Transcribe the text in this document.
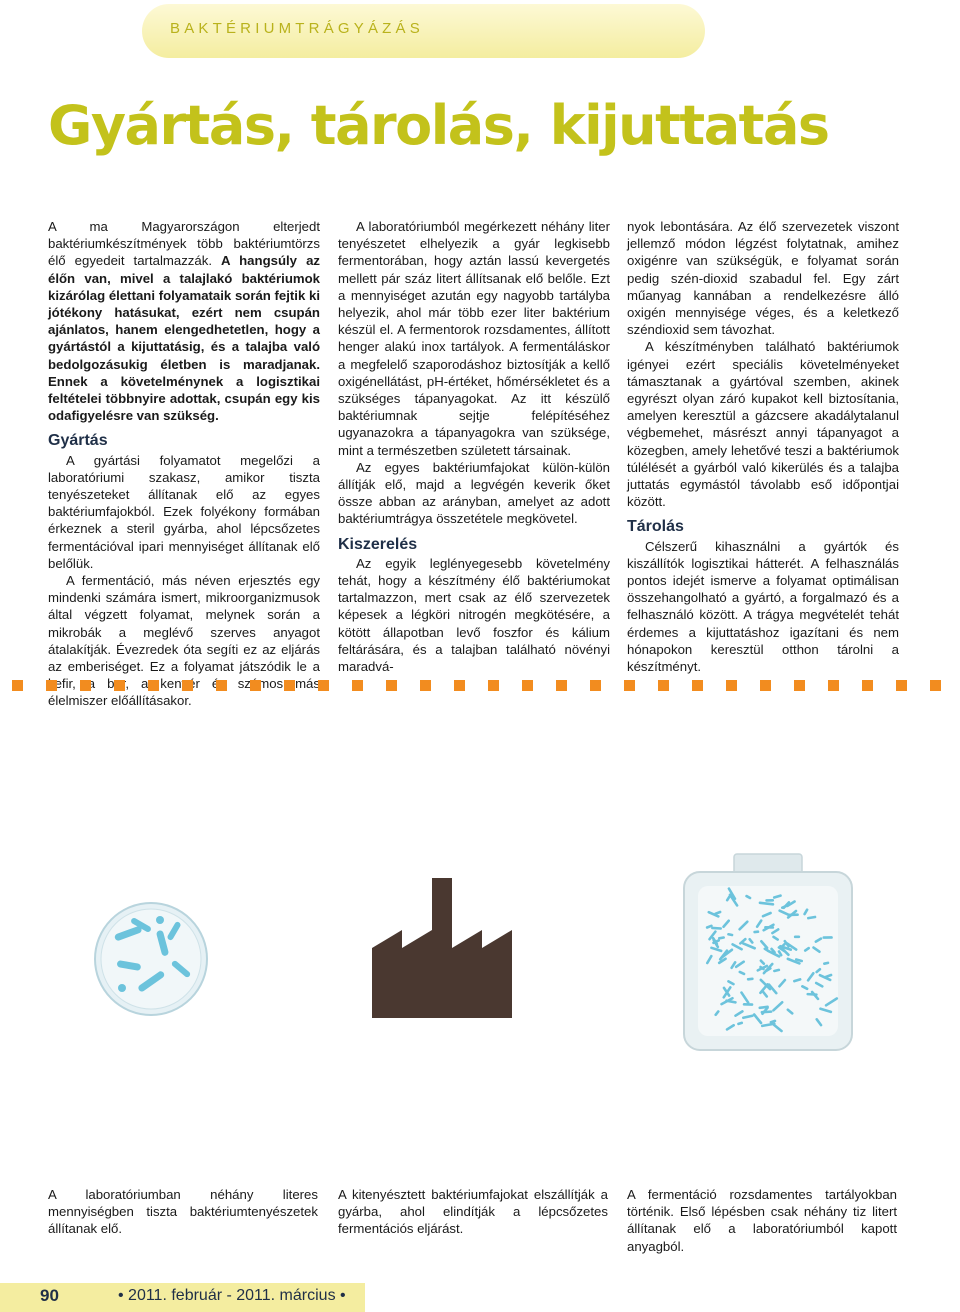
BAKTÉRIUMTRÁGYÁZÁS
Gyártás, tárolás, kijuttatás

A ma Magyarországon elterjedt baktériumkészítmények több baktériumtörzs élő egyedeit tartalmazzák. A hangsúly az élőn van, mivel a talajlakó baktériumok kizárólag élettani folyamataik során fejtik ki jótékony hatásukat, ezért nem csupán ajánlatos, hanem elengedhetetlen, hogy a gyártástól a kijuttatásig, és a talajba való bedolgozásukig életben is maradjanak. Ennek a követelménynek a logisztikai feltételei többnyire adottak, csupán egy kis odafigyelésre van szükség.

Gyártás

A gyártási folyamatot megelőzi a laboratóriumi szakasz, amikor tiszta tenyészeteket állítanak elő az egyes baktériumfajokból. Ezek folyékony formában érkeznek a steril gyárba, ahol lépcsőzetes fermentációval ipari mennyiséget állítanak elő belőlük.

A fermentáció, más néven erjesztés egy mindenki számára ismert, mikroorganizmusok által végzett folyamat, melynek során a mikrobák a meglévő szerves anyagot átalakítják. Évezredek óta segíti ez az eljárás az emberiséget. Ez a folyamat játszódik le a kefir, a a kenyér más élelmiszer előállításakor.

A laboratóriumból megérkezett néhány liter tenyészetet elhelyezik a gyár legkisebb fermentorában, hogy aztán lassú kevergetés mellett pár száz litert állítsanak elő belőle. Ezt a mennyiséget azután egy nagyobb tartályba helyezik, ahol már több ezer liter baktérium készül el. A fermentorok rozsdamentes, állított henger alakú inox tartályok. A fermentáláskor a megfelelő szaporodáshoz biztosítják a kellő oxigénellátást, pH-értéket, hőmérsékletet és a szükséges tápanyagokat. Az itt készülő baktériumnak sejtje felépítéséhez ugyanazokra a tápanyagokra van szüksége, mint a természetben született társainak.

Az egyes baktériumfajokat külön-külön állítják elő, majd a legvégén keverik őket össze abban az arányban, amelyet az adott baktériumtrágya összetétele megkövetel.

Kiszerelés

Az egyik leglényegesebb követelmény tehát, hogy a készítmény élő baktériumokat tartalmazzon, mert csak az élő szervezetek képesek a légköri nitrogén megkötésére, a kötött állapotban levő foszfor és kálium feltárására, és a talajban található növényi maradvá-

nyok lebontására. Az élő szervezetek viszont jellemző módon légzést folytatnak, amihez oxigénre van szükségük, e folyamat során pedig szén-dioxid szabadul fel. Egy zárt műanyag kannában a rendelkezésre álló oxigén mennyisége véges, és a keletkező széndioxid sem távozhat.

A készítményben található baktériumok igényei ezért speciális követelményeket támasztanak a gyártóval szemben, akinek egyrészt olyan záró kupakot kell biztosítania, amelyen keresztül a gázcsere akadálytalanul végbemehet, másrészt annyi tápanyagot a közegben, amely lehetővé teszi a baktériumok túlélését a gyárból való kikerülés és a talajba juttatás egymástól távolabb eső időpontjai között.

Tárolás

Célszerű kihasználni a gyártók és kiszállítók logisztikai hátterét. A felhasználás pontos idejét ismerve a folyamat optimálisan összehangolható a gyártó, a forgalmazó és a felhasználó között. A trágya megvételét tehát érdemes a kijuttatáshoz igazítani és nem hónapokon keresztül otthon tárolni a készítményt.

A laboratóriumban néhány literes mennyiségben tiszta baktériumtenyészetek állítanak elő.
A kitenyésztett baktériumfajokat elszállítják a gyárba, ahol elindítják a lépcsőzetes fermentációs eljárást.
A fermentáció rozsdamentes tartályokban történik. Első lépésben csak néhány tiz litert állítanak elő a laboratóriumból kapott anyagból.
90	• 2011. február - 2011. március •
